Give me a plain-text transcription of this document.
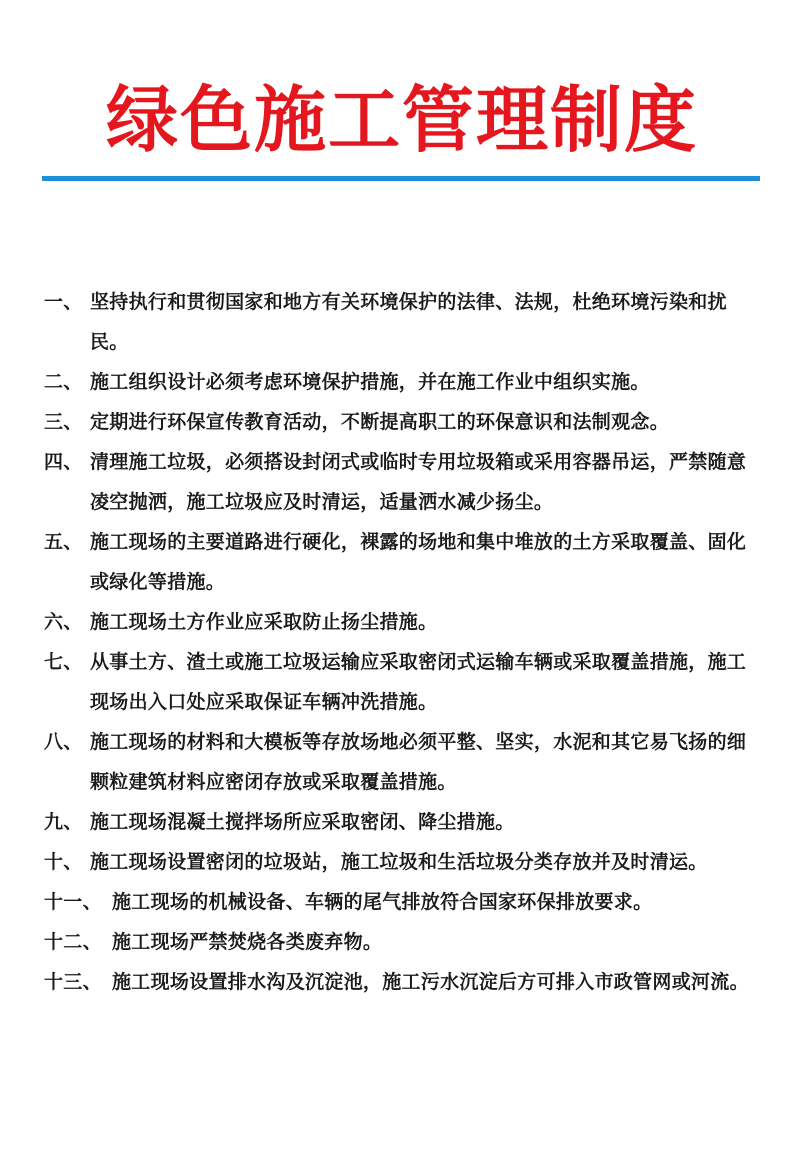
绿色施工管理制度
一、 坚持执行和贯彻国家和地方有关环境保护的法律、法规，杜绝环境污染和扰民。
二、 施工组织设计必须考虑环境保护措施，并在施工作业中组织实施。
三、 定期进行环保宣传教育活动，不断提高职工的环保意识和法制观念。
四、 清理施工垃圾，必须搭设封闭式或临时专用垃圾箱或采用容器吊运，严禁随意凌空抛洒，施工垃圾应及时清运，适量洒水减少扬尘。
五、 施工现场的主要道路进行硬化，裸露的场地和集中堆放的土方采取覆盖、固化或绿化等措施。
六、 施工现场土方作业应采取防止扬尘措施。
七、 从事土方、渣土或施工垃圾运输应采取密闭式运输车辆或采取覆盖措施，施工现场出入口处应采取保证车辆冲洗措施。
八、 施工现场的材料和大模板等存放场地必须平整、坚实，水泥和其它易飞扬的细颗粒建筑材料应密闭存放或采取覆盖措施。
九、 施工现场混凝土搅拌场所应采取密闭、降尘措施。
十、 施工现场设置密闭的垃圾站，施工垃圾和生活垃圾分类存放并及时清运。
十一、 施工现场的机械设备、车辆的尾气排放符合国家环保排放要求。
十二、 施工现场严禁焚烧各类废弃物。
十三、 施工现场设置排水沟及沉淀池，施工污水沉淀后方可排入市政管网或河流。
